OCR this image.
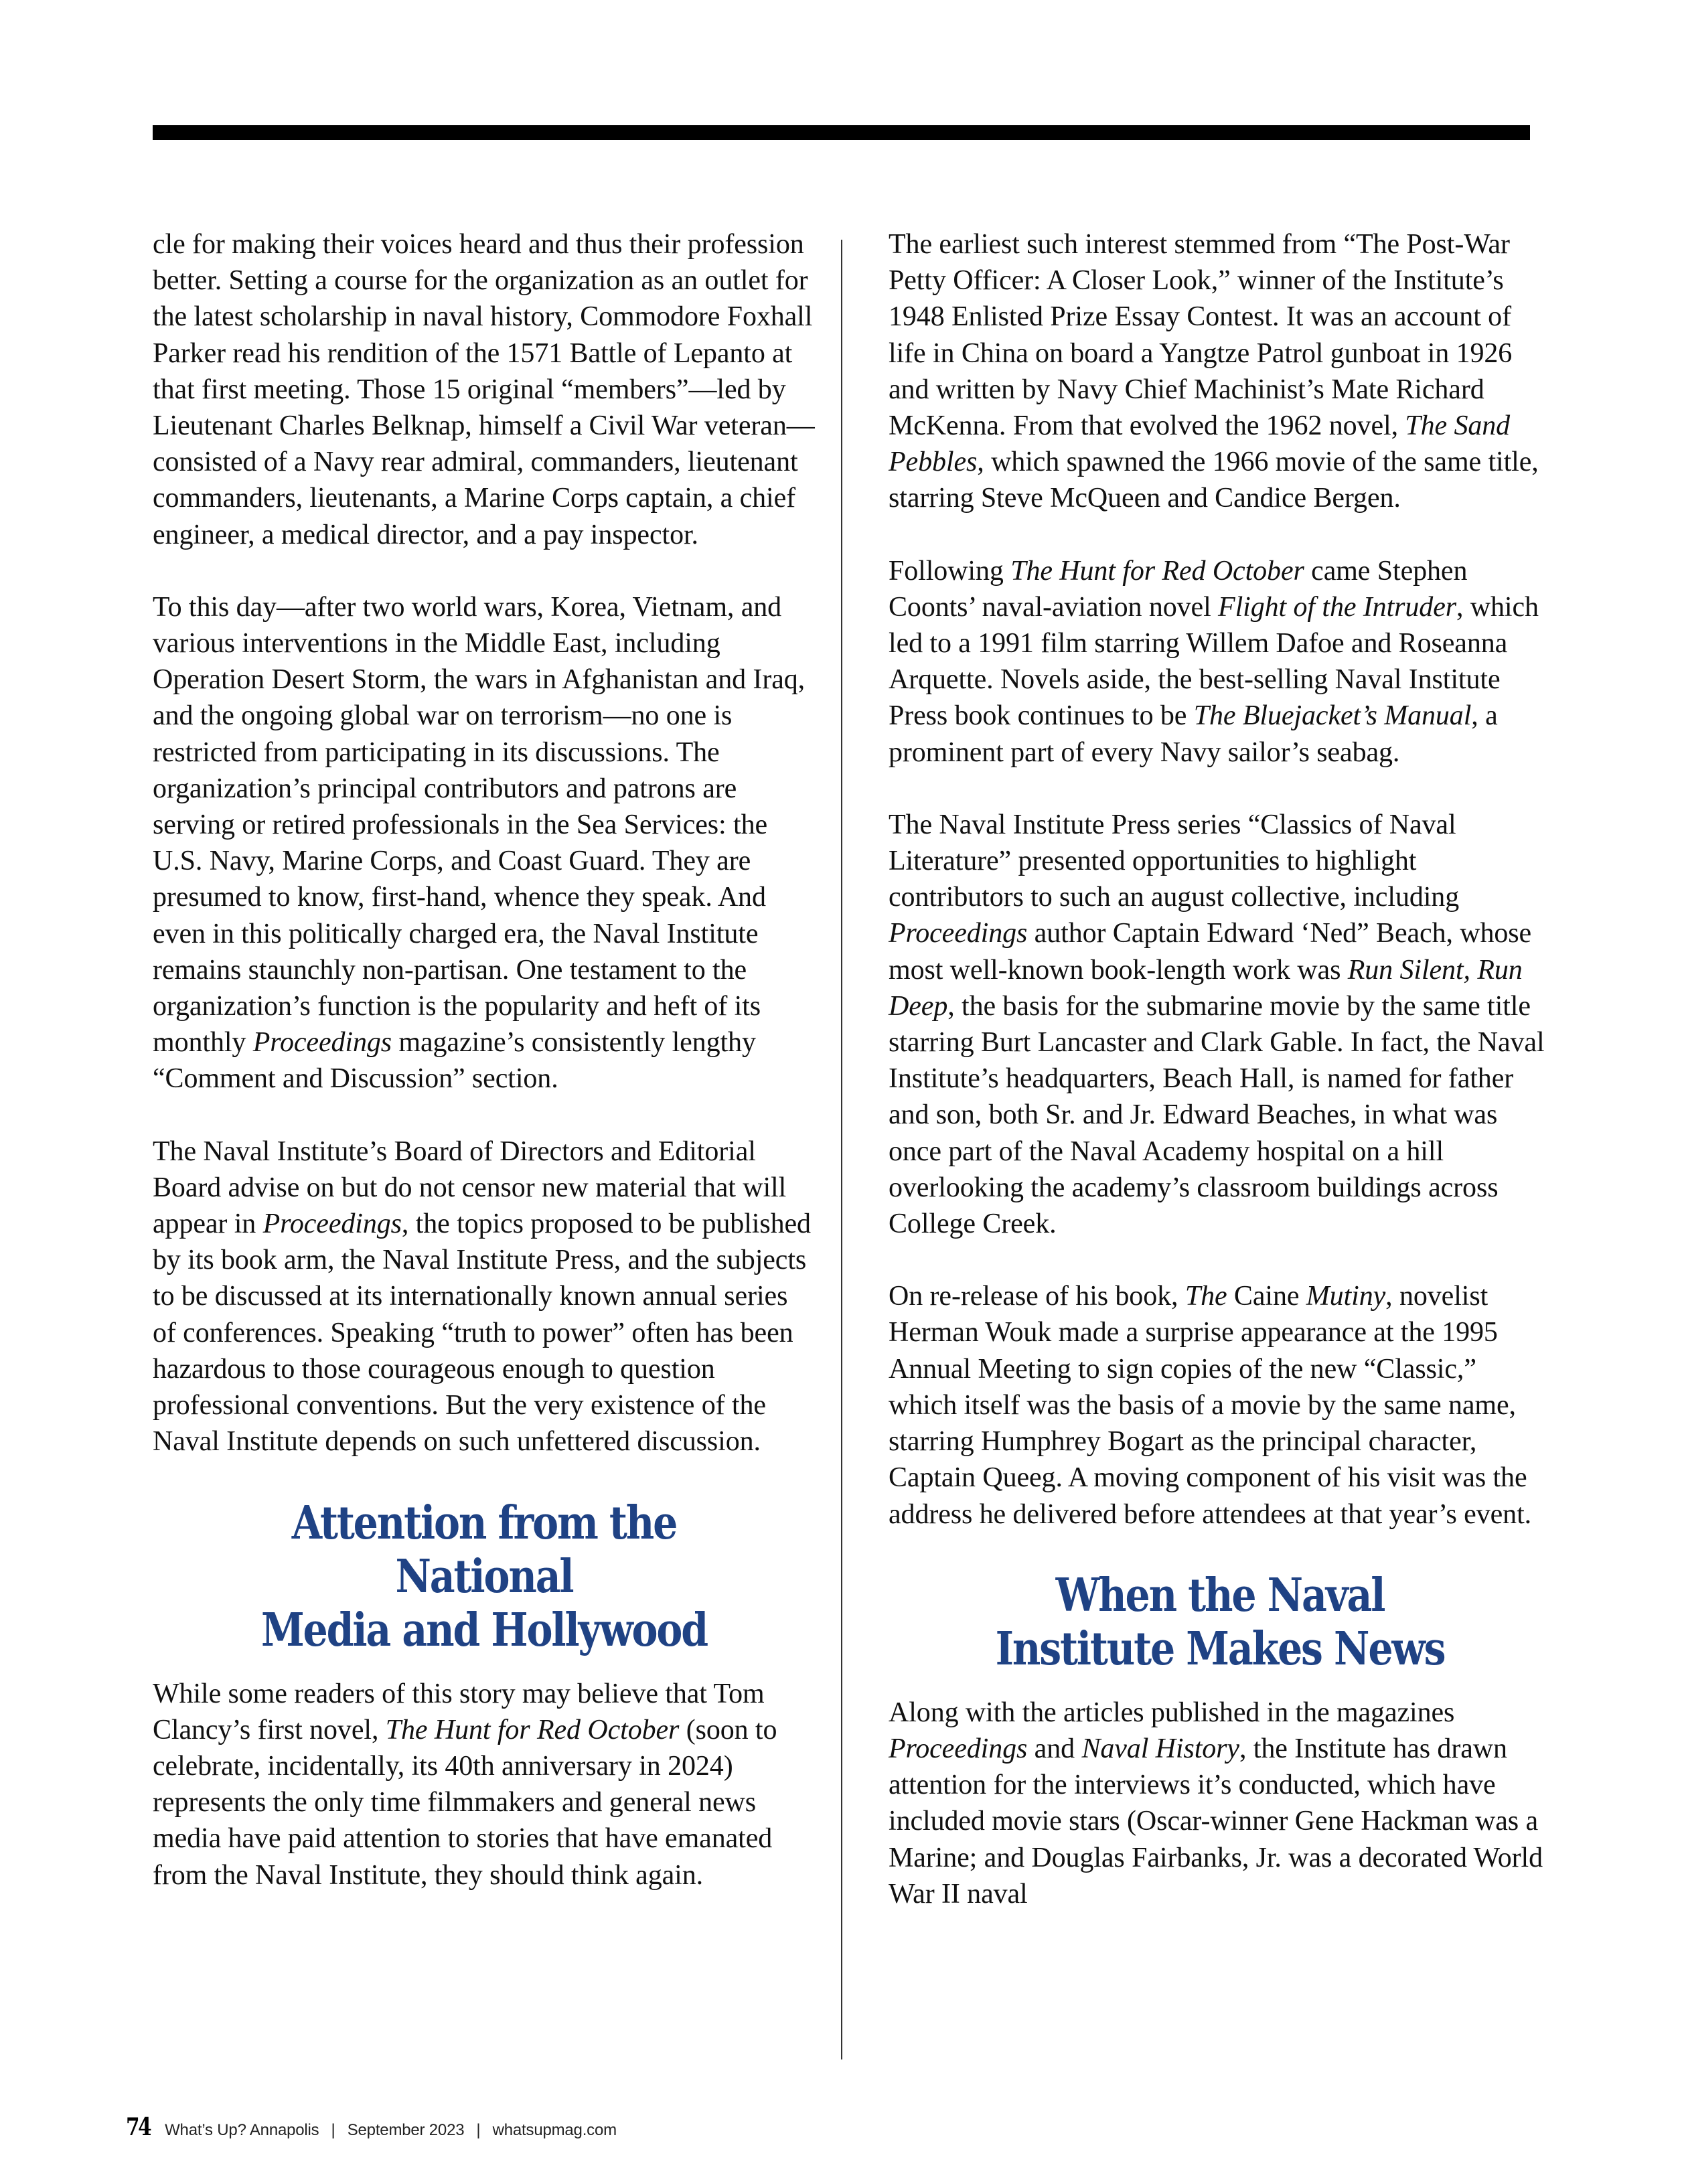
cle for making their voices heard and thus their profession better. Setting a course for the organization as an outlet for the latest scholarship in naval history, Commodore Foxhall Parker read his rendition of the 1571 Battle of Lepanto at that first meeting. Those 15 original “members”—led by Lieutenant Charles Belknap, himself a Civil War veteran—consisted of a Navy rear admiral, commanders, lieutenant commanders, lieutenants, a Marine Corps captain, a chief engineer, a medical director, and a pay inspector.

To this day—after two world wars, Korea, Vietnam, and various interventions in the Middle East, including Operation Desert Storm, the wars in Afghanistan and Iraq, and the ongoing global war on terrorism—no one is restricted from participating in its discussions. The organization’s principal contributors and patrons are serving or retired professionals in the Sea Services: the U.S. Navy, Marine Corps, and Coast Guard. They are presumed to know, first-hand, whence they speak. And even in this politically charged era, the Naval Institute remains staunchly non-partisan. One testament to the organization’s function is the popularity and heft of its monthly Proceedings magazine’s consistently lengthy “Comment and Discussion” section.

The Naval Institute’s Board of Directors and Editorial Board advise on but do not censor new material that will appear in Proceedings, the topics proposed to be published by its book arm, the Naval Institute Press, and the subjects to be discussed at its internationally known annual series of conferences. Speaking “truth to power” often has been hazardous to those courageous enough to question professional conventions. But the very existence of the Naval Institute depends on such unfettered discussion.

Attention from the National
Media and Hollywood

While some readers of this story may believe that Tom Clancy’s first novel, The Hunt for Red October (soon to celebrate, incidentally, its 40th anniversary in 2024) represents the only time filmmakers and general news media have paid attention to stories that have emanated from the Naval Institute, they should think again.

The earliest such interest stemmed from “The Post-War Petty Officer: A Closer Look,” winner of the Institute’s 1948 Enlisted Prize Essay Contest. It was an account of life in China on board a Yangtze Patrol gunboat in 1926 and written by Navy Chief Machinist’s Mate Richard McKenna. From that evolved the 1962 novel, The Sand Pebbles, which spawned the 1966 movie of the same title, starring Steve McQueen and Candice Bergen.

Following The Hunt for Red October came Stephen Coonts’ naval-aviation novel Flight of the Intruder, which led to a 1991 film starring Willem Dafoe and Roseanna Arquette. Novels aside, the best-selling Naval Institute Press book continues to be The Bluejacket’s Manual, a prominent part of every Navy sailor’s seabag.

The Naval Institute Press series “Classics of Naval Literature” presented opportunities to highlight contributors to such an august collective, including Proceedings author Captain Edward ‘Ned” Beach, whose most well-known book-length work was Run Silent, Run Deep, the basis for the submarine movie by the same title starring Burt Lancaster and Clark Gable. In fact, the Naval Institute’s headquarters, Beach Hall, is named for father and son, both Sr. and Jr. Edward Beaches, in what was once part of the Naval Academy hospital on a hill overlooking the academy’s classroom buildings across College Creek.

On re-release of his book, The Caine Mutiny, novelist Herman Wouk made a surprise appearance at the 1995 Annual Meeting to sign copies of the new “Classic,” which itself was the basis of a movie by the same name, starring Humphrey Bogart as the principal character, Captain Queeg. A moving component of his visit was the address he delivered before attendees at that year’s event.

When the Naval
Institute Makes News

Along with the articles published in the magazines Proceedings and Naval History, the Institute has drawn attention for the interviews it’s conducted, which have included movie stars (Oscar-winner Gene Hackman was a Marine; and Douglas Fairbanks, Jr. was a decorated World War II naval

74 What’s Up? Annapolis | September 2023 | whatsupmag.com
